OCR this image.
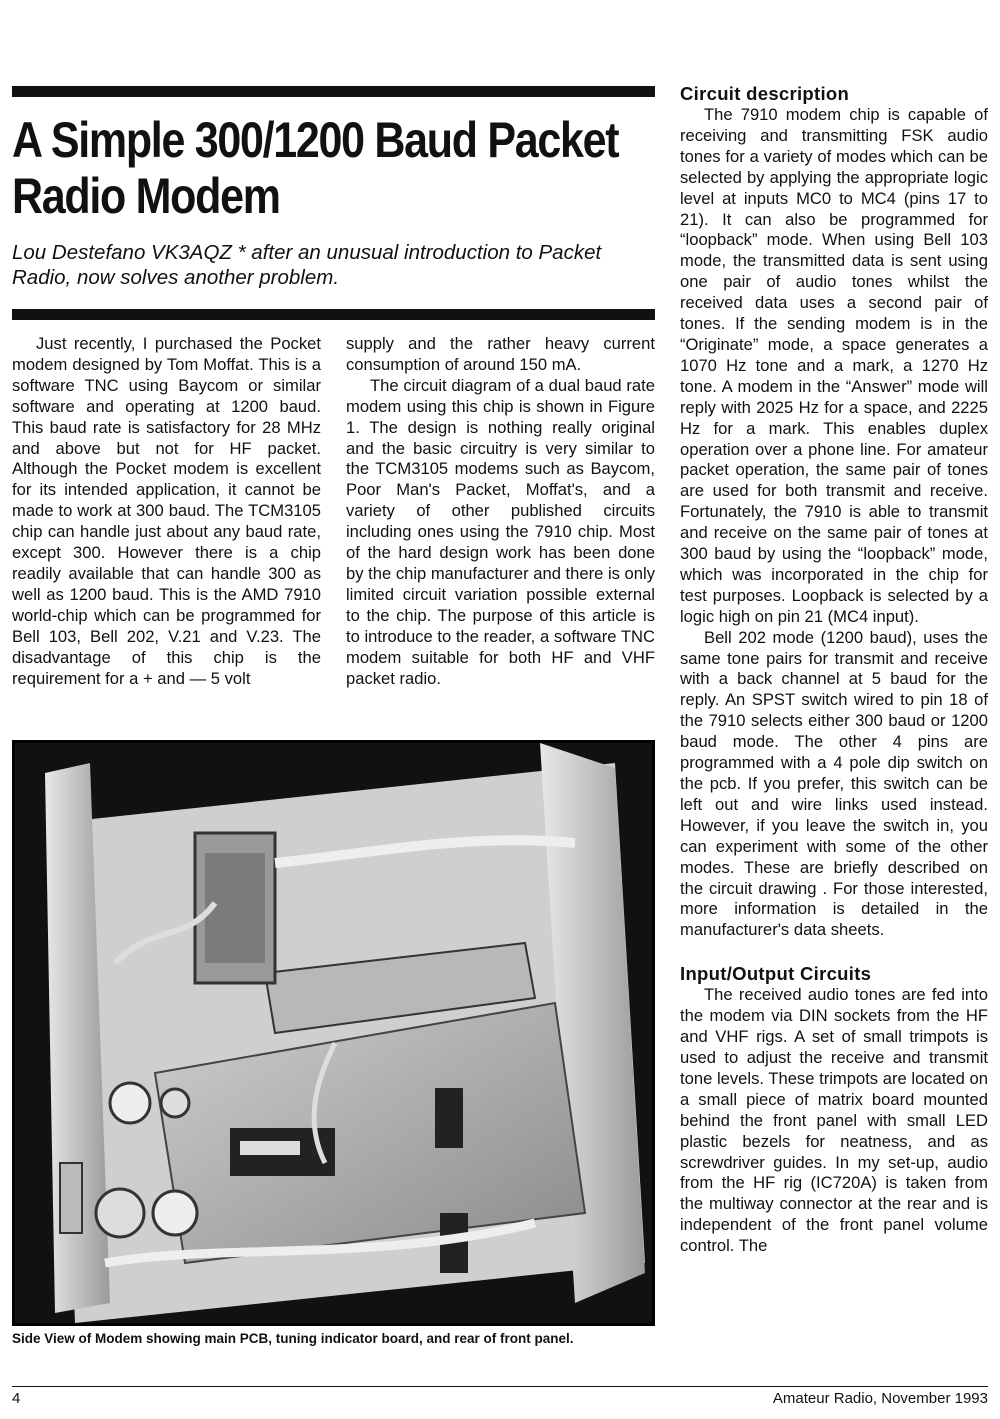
A Simple 300/1200 Baud Packet
Radio Modem
Lou Destefano VK3AQZ * after an unusual introduction to Packet Radio, now solves another problem.

Just recently, I purchased the Pocket modem designed by Tom Moffat. This is a software TNC using Baycom or similar software and operating at 1200 baud. This baud rate is satisfactory for 28 MHz and above but not for HF packet. Although the Pocket modem is excellent for its intended application, it cannot be made to work at 300 baud. The TCM3105 chip can handle just about any baud rate, except 300. However there is a chip readily available that can handle 300 as well as 1200 baud. This is the AMD 7910 world-chip which can be programmed for Bell 103, Bell 202, V.21 and V.23. The disadvantage of this chip is the requirement for a + and — 5 volt

supply and the rather heavy current consumption of around 150 mA.

The circuit diagram of a dual baud rate modem using this chip is shown in Figure 1. The design is nothing really original and the basic circuitry is very similar to the TCM3105 modems such as Baycom, Poor Man's Packet, Moffat's, and a variety of other published circuits including ones using the 7910 chip. Most of the hard design work has been done by the chip manufacturer and there is only limited circuit variation possible external to the chip. The purpose of this article is to introduce to the reader, a software TNC modem suitable for both HF and VHF packet radio.

Circuit description

The 7910 modem chip is capable of receiving and transmitting FSK audio tones for a variety of modes which can be selected by applying the appropriate logic level at inputs MC0 to MC4 (pins 17 to 21). It can also be programmed for “loopback” mode. When using Bell 103 mode, the transmitted data is sent using one pair of audio tones whilst the received data uses a second pair of tones. If the sending modem is in the “Originate” mode, a space generates a 1070 Hz tone and a mark, a 1270 Hz tone. A modem in the “Answer” mode will reply with 2025 Hz for a space, and 2225 Hz for a mark. This enables duplex operation over a phone line. For amateur packet operation, the same pair of tones are used for both transmit and receive. Fortunately, the 7910 is able to transmit and receive on the same pair of tones at 300 baud by using the “loopback” mode, which was incorporated in the chip for test purposes. Loopback is selected by a logic high on pin 21 (MC4 input).

Bell 202 mode (1200 baud), uses the same tone pairs for transmit and receive with a back channel at 5 baud for the reply. An SPST switch wired to pin 18 of the 7910 selects either 300 baud or 1200 baud mode. The other 4 pins are programmed with a 4 pole dip switch on the pcb. If you prefer, this switch can be left out and wire links used instead. However, if you leave the switch in, you can experiment with some of the other modes. These are briefly described on the circuit drawing . For those interested, more information is detailed in the manufacturer's data sheets.

Input/Output Circuits

The received audio tones are fed into the modem via DIN sockets from the HF and VHF rigs. A set of small trimpots is used to adjust the receive and transmit tone levels. These trimpots are located on a small piece of matrix board mounted behind the front panel with small LED plastic bezels for neatness, and as screwdriver guides. In my set-up, audio from the HF rig (IC720A) is taken from the multiway connector at the rear and is independent of the front panel volume control. The

Side View of Modem showing main PCB, tuning indicator board, and rear of front panel.
4	Amateur Radio, November 1993
